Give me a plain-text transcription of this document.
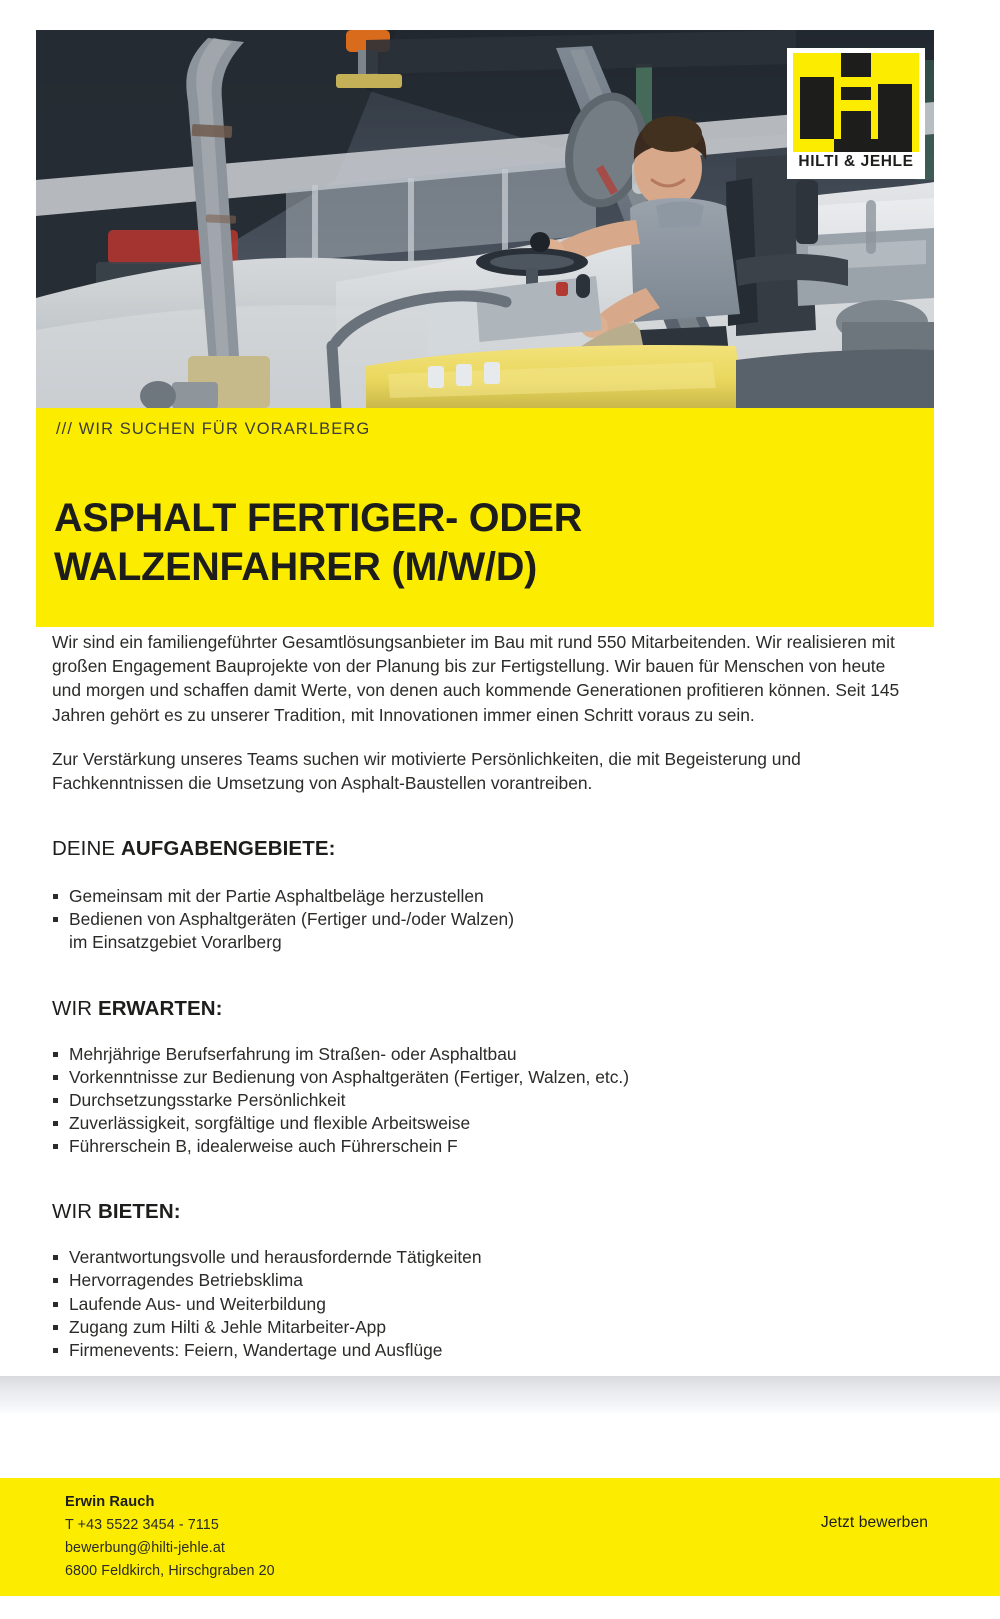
HILTI & JEHLE
/// WIR SUCHEN FÜR VORARLBERG
ASPHALT FERTIGER- ODER
WALZENFAHRER (M/W/D)

Wir sind ein familiengeführter Gesamtlösungsanbieter im Bau mit rund 550 Mitarbeitenden. Wir realisieren mit großen Engagement Bauprojekte von der Planung bis zur Fertigstellung. Wir bauen für Menschen von heute und morgen und schaffen damit Werte, von denen auch kommende Generationen profitieren können. Seit 145 Jahren gehört es zu unserer Tradition, mit Innovationen immer einen Schritt voraus zu sein.

Zur Verstärkung unseres Teams suchen wir motivierte Persönlichkeiten, die mit Begeisterung und Fachkenntnissen die Umsetzung von Asphalt-Baustellen vorantreiben.

DEINE AUFGABENGEBIETE:
Gemeinsam mit der Partie Asphaltbeläge herzustellen
Bedienen von Asphaltgeräten (Fertiger und-/oder Walzen)
im Einsatzgebiet Vorarlberg
WIR ERWARTEN:
Mehrjährige Berufserfahrung im Straßen- oder Asphaltbau
Vorkenntnisse zur Bedienung von Asphaltgeräten (Fertiger, Walzen, etc.)
Durchsetzungsstarke Persönlichkeit
Zuverlässigkeit, sorgfältige und flexible Arbeitsweise
Führerschein B, idealerweise auch Führerschein F
WIR BIETEN:
Verantwortungsvolle und herausfordernde Tätigkeiten
Hervorragendes Betriebsklima
Laufende Aus- und Weiterbildung
Zugang zum Hilti & Jehle Mitarbeiter-App
Firmenevents: Feiern, Wandertage und Ausflüge
Erwin Rauch
T +43 5522 3454 - 7115
bewerbung@hilti-jehle.at
6800 Feldkirch, Hirschgraben 20
Jetzt bewerben
